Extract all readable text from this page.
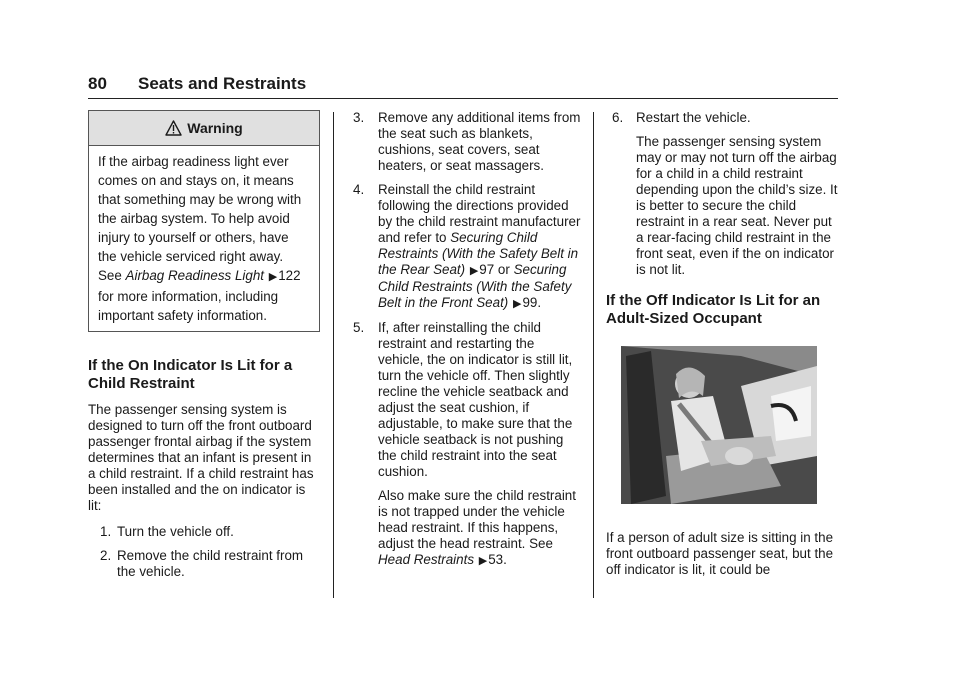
80 Seats and Restraints
Warning
If the airbag readiness light ever comes on and stays on, it means that something may be wrong with the airbag system. To help avoid injury to yourself or others, have the vehicle serviced right away. See Airbag Readiness Light ▶122 for more information, including important safety information.
If the On Indicator Is Lit for a Child Restraint

The passenger sensing system is designed to turn off the front outboard passenger frontal airbag if the system determines that an infant is present in a child restraint. If a child restraint has been installed and the on indicator is lit:

1. Turn the vehicle off.

2. Remove the child restraint from the vehicle.

3. Remove any additional items from the seat such as blankets, cushions, seat covers, seat heaters, or seat massagers.

4. Reinstall the child restraint following the directions provided by the child restraint manufacturer and refer to Securing Child Restraints (With the Safety Belt in the Rear Seat) ▶97 or Securing Child Restraints (With the Safety Belt in the Front Seat) ▶99.

5. If, after reinstalling the child restraint and restarting the vehicle, the on indicator is still lit, turn the vehicle off. Then slightly recline the vehicle seatback and adjust the seat cushion, if adjustable, to make sure that the vehicle seatback is not pushing the child restraint into the seat cushion.

Also make sure the child restraint is not trapped under the vehicle head restraint. If this happens, adjust the head restraint. See Head Restraints ▶53.

6. Restart the vehicle.

The passenger sensing system may or may not turn off the airbag for a child in a child restraint depending upon the child’s size. It is better to secure the child restraint in a rear seat. Never put a rear-facing child restraint in the front seat, even if the on indicator is not lit.

If the Off Indicator Is Lit for an Adult-Sized Occupant

If a person of adult size is sitting in the front outboard passenger seat, but the off indicator is lit, it could be
